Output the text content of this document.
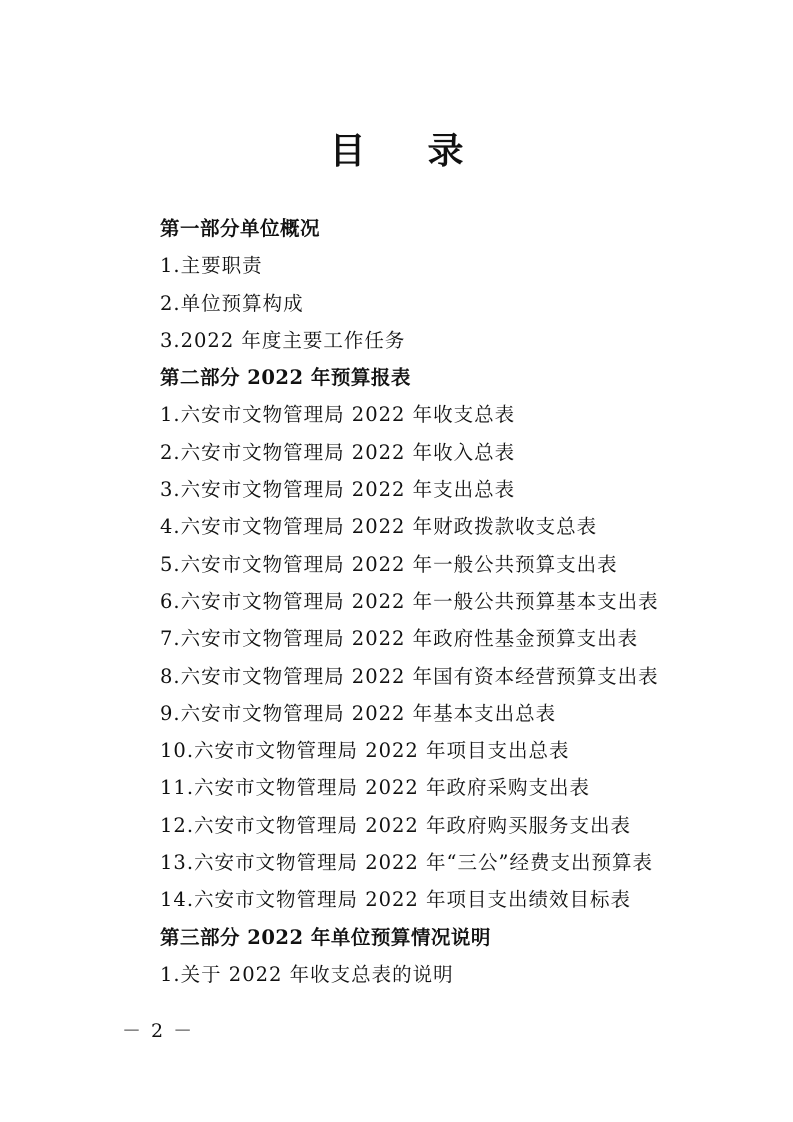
目 录
第一部分单位概况
1.主要职责
2.单位预算构成
3.2022 年度主要工作任务
第二部分 2022 年预算报表
1.六安市文物管理局 2022 年收支总表
2.六安市文物管理局 2022 年收入总表
3.六安市文物管理局 2022 年支出总表
4.六安市文物管理局 2022 年财政拨款收支总表
5.六安市文物管理局 2022 年一般公共预算支出表
6.六安市文物管理局 2022 年一般公共预算基本支出表
7.六安市文物管理局 2022 年政府性基金预算支出表
8.六安市文物管理局 2022 年国有资本经营预算支出表
9.六安市文物管理局 2022 年基本支出总表
10.六安市文物管理局 2022 年项目支出总表
11.六安市文物管理局 2022 年政府采购支出表
12.六安市文物管理局 2022 年政府购买服务支出表
13.六安市文物管理局 2022 年“三公”经费支出预算表
14.六安市文物管理局 2022 年项目支出绩效目标表
第三部分 2022 年单位预算情况说明
1.关于 2022 年收支总表的说明
－ 2 －
